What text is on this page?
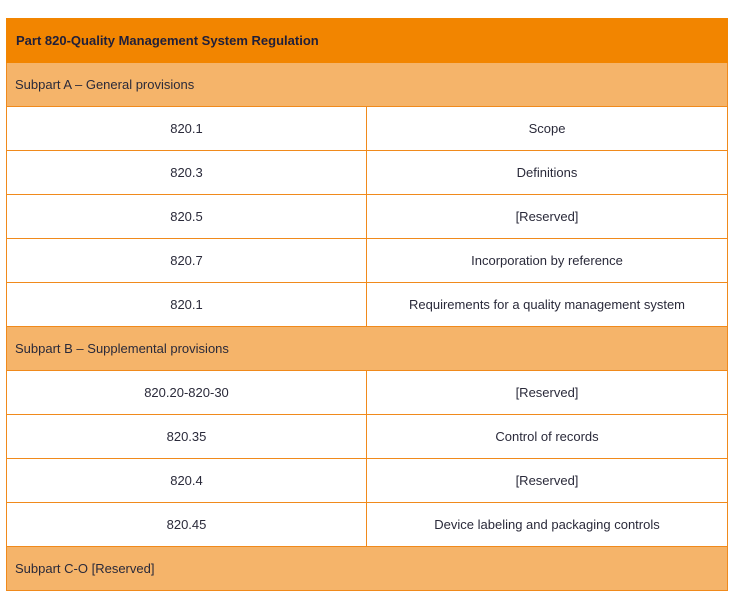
Part 820-Quality Management System Regulation	
Subpart A – General provisions	
820.1	Scope
820.3	Definitions
820.5	[Reserved]
820.7	Incorporation by reference
820.1	Requirements for a quality management system
Subpart B – Supplemental provisions	
820.20-820-30	[Reserved]
820.35	Control of records
820.4	[Reserved]
820.45	Device labeling and packaging controls
Subpart C-O [Reserved]	
